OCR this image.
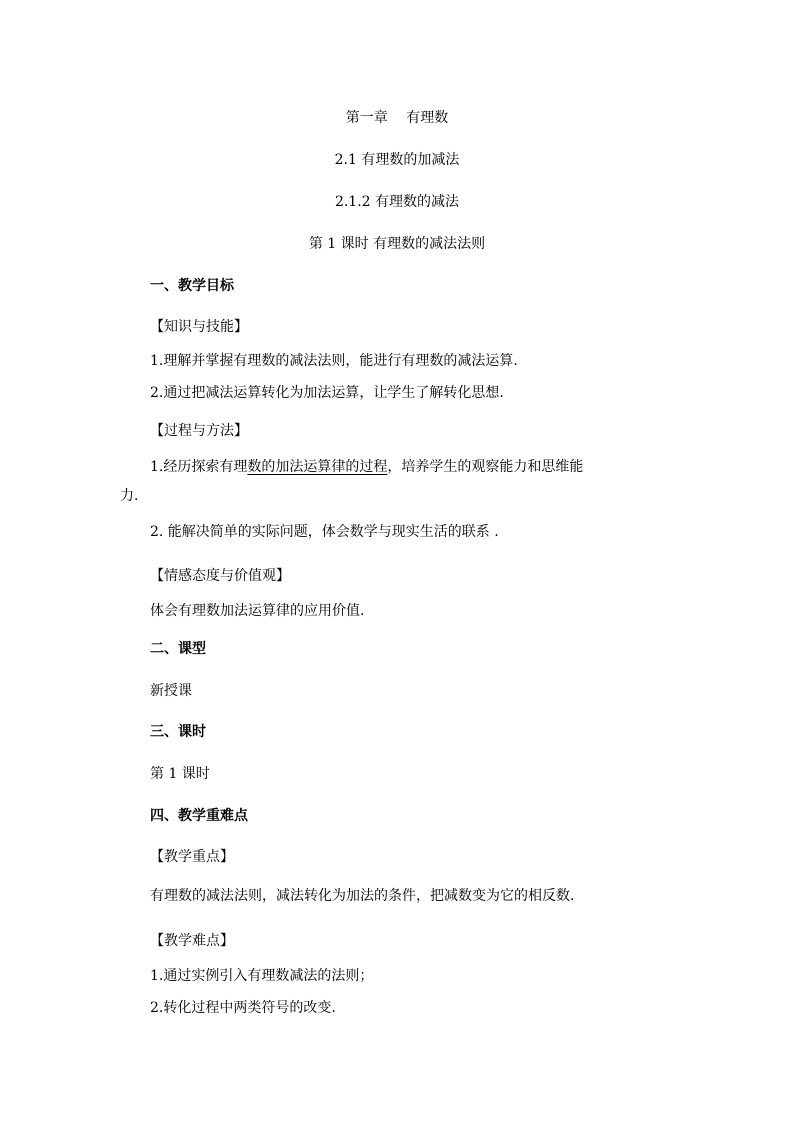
第一章　 有理数
2.1 有理数的加减法
2.1.2 有理数的减法
第 1 课时 有理数的减法法则
一、教学目标
【知识与技能】
1.理解并掌握有理数的减法法则，能进行有理数的减法运算.
2.通过把减法运算转化为加法运算，让学生了解转化思想.
【过程与方法】
1.经历探索有理数的加法运算律的过程，培养学生的观察能力和思维能
力.
2. 能解决简单的实际问题，体会数学与现实生活的联系 .
【情感态度与价值观】
体会有理数加法运算律的应用价值.
二、课型
新授课
三、课时
第 1 课时
四、教学重难点
【教学重点】
有理数的减法法则，减法转化为加法的条件，把减数变为它的相反数.
【教学难点】
1.通过实例引入有理数减法的法则；
2.转化过程中两类符号的改变.
